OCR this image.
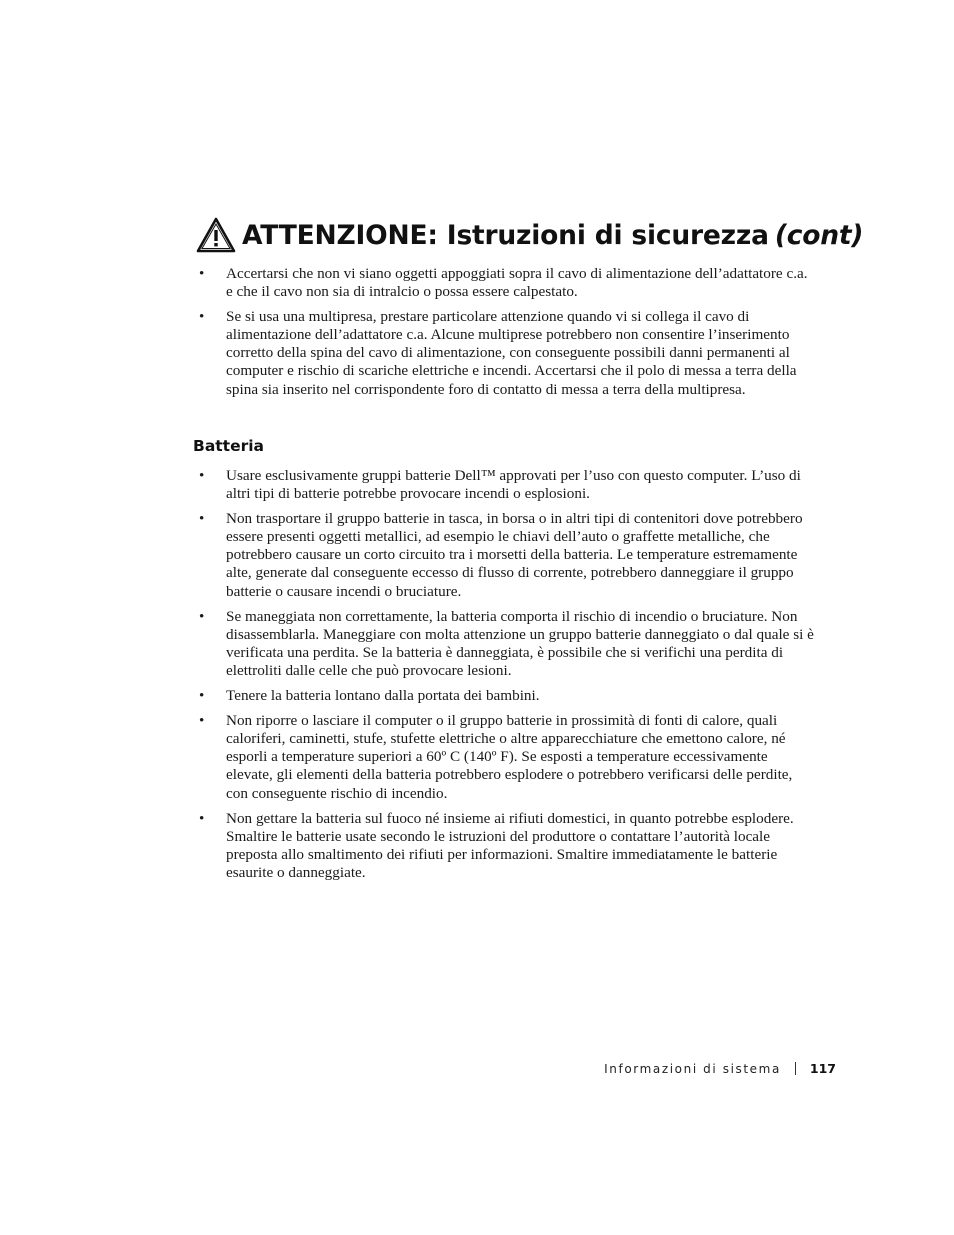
ATTENZIONE: Istruzioni di sicurezza (cont)
• Accertarsi che non vi siano oggetti appoggiati sopra il cavo di alimentazione dell’adattatore c.a. e che il cavo non sia di intralcio o possa essere calpestato.
• Se si usa una multipresa, prestare particolare attenzione quando vi si collega il cavo di alimentazione dell’adattatore c.a. Alcune multiprese potrebbero non consentire l’inserimento corretto della spina del cavo di alimentazione, con conseguente possibili danni permanenti al computer e rischio di scariche elettriche e incendi. Accertarsi che il polo di messa a terra della spina sia inserito nel corrispondente foro di contatto di messa a terra della multipresa.
Batteria
• Usare esclusivamente gruppi batterie Dell™ approvati per l’uso con questo computer. L’uso di altri tipi di batterie potrebbe provocare incendi o esplosioni.
• Non trasportare il gruppo batterie in tasca, in borsa o in altri tipi di contenitori dove potrebbero essere presenti oggetti metallici, ad esempio le chiavi dell’auto o graffette metalliche, che potrebbero causare un corto circuito tra i morsetti della batteria. Le temperature estremamente alte, generate dal conseguente eccesso di flusso di corrente, potrebbero danneggiare il gruppo batterie o causare incendi o bruciature.
• Se maneggiata non correttamente, la batteria comporta il rischio di incendio o bruciature. Non disassemblarla. Maneggiare con molta attenzione un gruppo batterie danneggiato o dal quale si è verificata una perdita. Se la batteria è danneggiata, è possibile che si verifichi una perdita di elettroliti dalle celle che può provocare lesioni.
• Tenere la batteria lontano dalla portata dei bambini.
• Non riporre o lasciare il computer o il gruppo batterie in prossimità di fonti di calore, quali caloriferi, caminetti, stufe, stufette elettriche o altre apparecchiature che emettono calore, né esporli a temperature superiori a 60º C (140º F). Se esposti a temperature eccessivamente elevate, gli elementi della batteria potrebbero esplodere o potrebbero verificarsi delle perdite, con conseguente rischio di incendio.
• Non gettare la batteria sul fuoco né insieme ai rifiuti domestici, in quanto potrebbe esplodere. Smaltire le batterie usate secondo le istruzioni del produttore o contattare l’autorità locale preposta allo smaltimento dei rifiuti per informazioni. Smaltire immediatamente le batterie esaurite o danneggiate.
Informazioni di sistema 117
